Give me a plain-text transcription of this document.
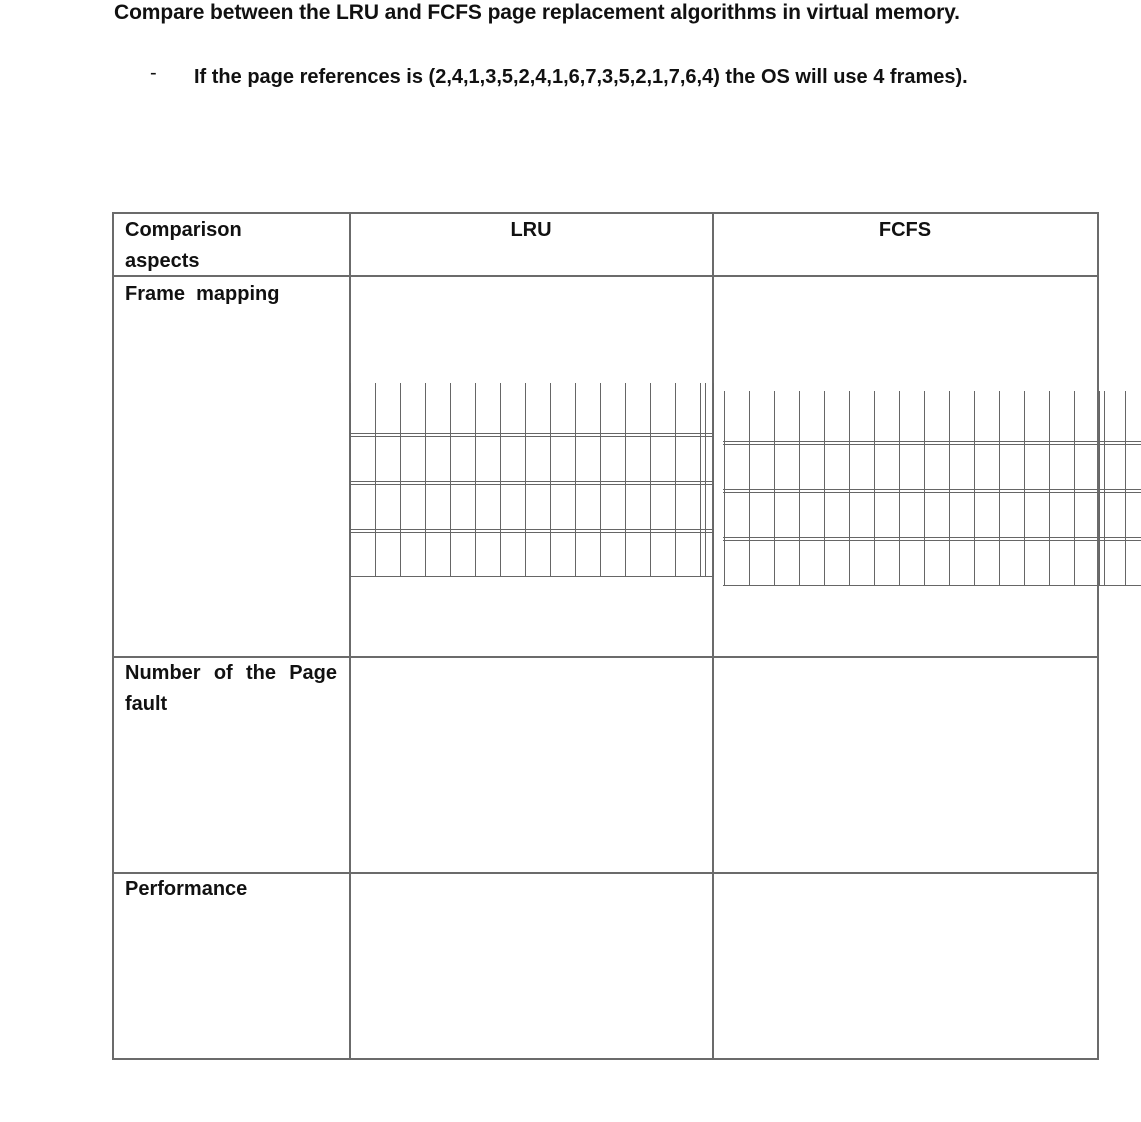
Compare between the LRU and FCFS page replacement algorithms in virtual memory.
-	If the page references is (2,4,1,3,5,2,4,1,6,7,3,5,2,1,7,6,4) the OS will use 4 frames).
Comparison aspects
LRU	FCFS
Frame  mapping
Number of the Page fault
Performance
